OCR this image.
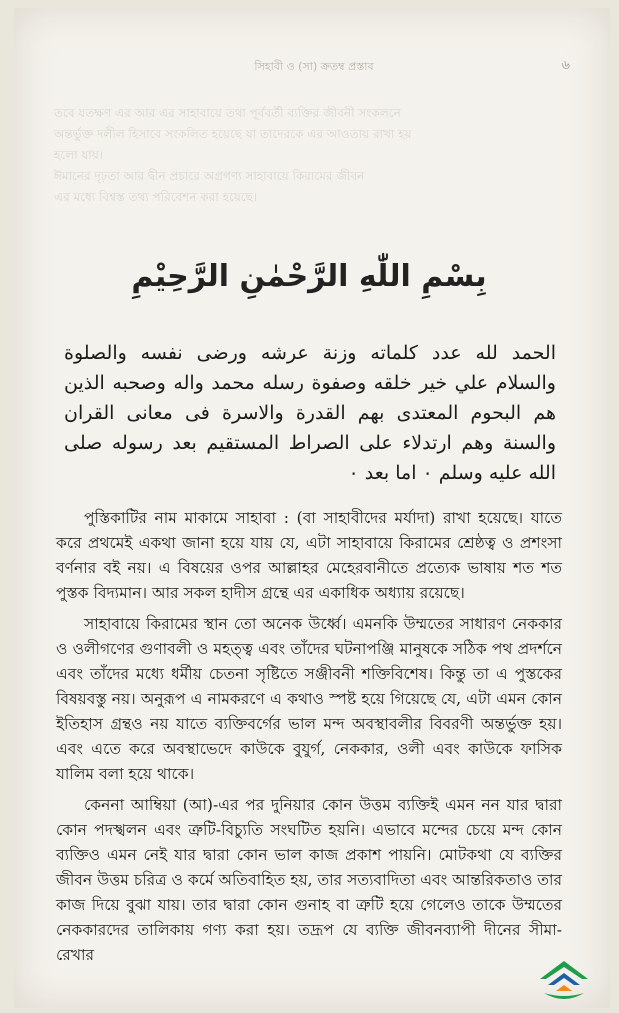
সিহাবী ও (সা) ক্রতম্ব প্রস্তাব	৬
তবে যতক্ষণ এর আর এর সাহাবায়ে তথা পূর্ববর্তী ব্যক্তির জীবনী সংকলনে
অন্তর্ভুক্ত দলীল হিসাবে সংকলিত হয়েছে যা তাদেরকে এর আওতায় রাখা হয়
হলো যায়।
ঈমানের দৃঢ়তা আর দ্বীন প্রচারে অগ্রগণ্য সাহাবায়ে কিরামের জীবন
এর মধ্যে বিশ্বস্ত তথ্য পরিবেশন করা হয়েছে।
بِسْمِ اللّٰهِ الرَّحْمٰنِ الرَّحِيْمِ

الحمد لله عدد كلماته وزنة عرشه ورضى نفسه والصلوة والسلام علي خير خلقه وصفوة رسله محمد واله وصحبه الذين هم البحوم المعتدى بهم القدرة والاسرة فى معانى القران والسنة وهم ارتدلاء على الصراط المستقيم بعد رسوله صلى الله عليه وسلم ۰ اما بعد ۰

পুস্তিকাটির নাম মাকামে সাহাবা : (বা সাহাবীদের মর্যাদা) রাখা হয়েছে। যাতে করে প্রথমেই একথা জানা হয়ে যায় যে, এটা সাহাবায়ে কিরামের শ্রেষ্ঠত্ব ও প্রশংসা বর্ণনার বই নয়। এ বিষয়ের ওপর আল্লাহর মেহেরবানীতে প্রত্যেক ভাষায় শত শত পুস্তক বিদ্যমান। আর সকল হাদীস গ্রন্থে এর একাধিক অধ্যায় রয়েছে।

সাহাবায়ে কিরামের স্থান তো অনেক উর্ধ্বে। এমনকি উম্মতের সাধারণ নেককার ও ওলীগণের গুণাবলী ও মহত্ত্ব এবং তাঁদের ঘটনাপঞ্জি মানুষকে সঠিক পথ প্রদর্শনে এবং তাঁদের মধ্যে ধর্মীয় চেতনা সৃষ্টিতে সঞ্জীবনী শক্তিবিশেষ। কিন্তু তা এ পুস্তকের বিষয়বস্তু নয়। অনুরূপ এ নামকরণে এ কথাও স্পষ্ট হয়ে গিয়েছে যে, এটা এমন কোন ইতিহাস গ্রন্থও নয় যাতে ব্যক্তিবর্গের ভাল মন্দ অবস্থাবলীর বিবরণী অন্তর্ভুক্ত হয়। এবং এতে করে অবস্থাভেদে কাউকে বুযুর্গ, নেককার, ওলী এবং কাউকে ফাসিক যালিম বলা হয়ে থাকে।

কেননা আম্বিয়া (আ)-এর পর দুনিয়ার কোন উত্তম ব্যক্তিই এমন নন যার দ্বারা কোন পদস্খলন এবং ত্রুটি-বিচ্যুতি সংঘটিত হয়নি। এভাবে মন্দের চেয়ে মন্দ কোন ব্যক্তিও এমন নেই যার দ্বারা কোন ভাল কাজ প্রকাশ পায়নি। মোটকথা যে ব্যক্তির জীবন উত্তম চরিত্র ও কর্মে অতিবাহিত হয়, তার সত্যবাদিতা এবং আন্তরিকতাও তার কাজ দিয়ে বুঝা যায়। তার দ্বারা কোন গুনাহ বা ত্রুটি হয়ে গেলেও তাকে উম্মতের নেককারদের তালিকায় গণ্য করা হয়। তদ্রূপ যে ব্যক্তি জীবনব্যাপী দীনের সীমা-রেখার
